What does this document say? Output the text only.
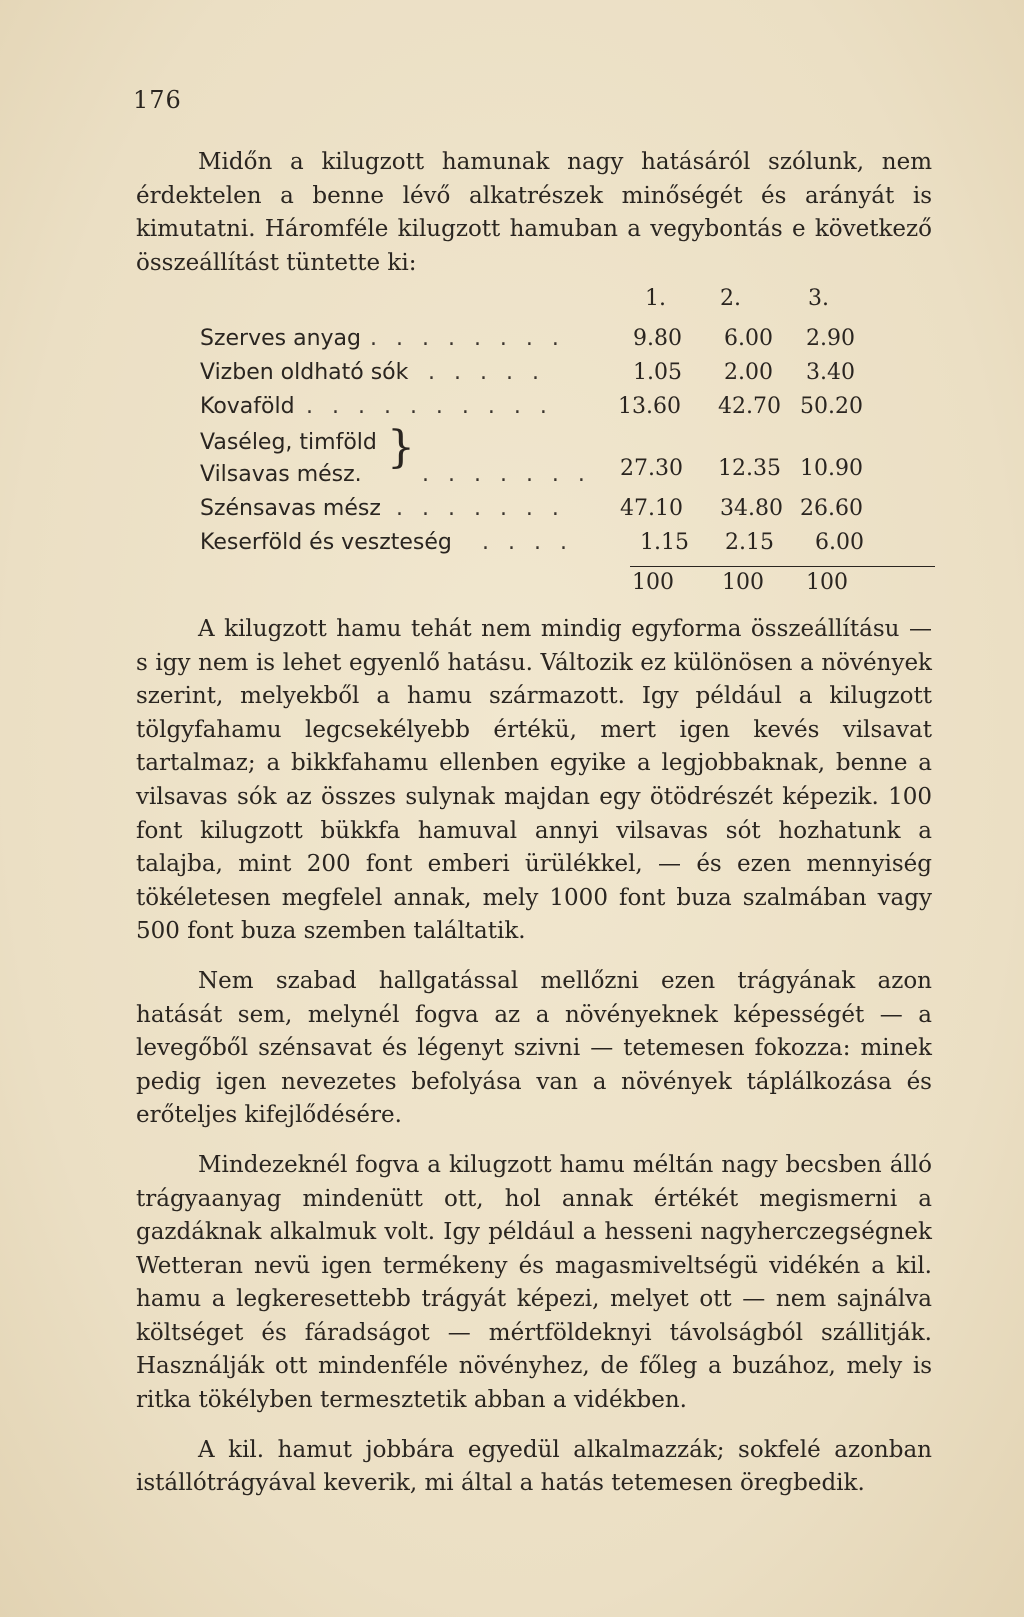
176

Midőn a kilugzott hamunak nagy hatásáról szólunk, nem érdektelen a benne lévő alkatrészek minőségét és arányát is kimutatni. Háromféle kilugzott hamuban a vegybontás e következő összeállítást tüntette ki:

1. 2.	3.
Szerves anyag . . . . . . . .	9.80 6.00 2.90
Vizben oldható sók . . . . .	1.05 2.00 3.40
Kovaföld . . . . . . . . . .	13.60 42.70 50.20
Vaséleg, timföld
Vilsavas mész.	. . . . . . . 27.30 12.35 10.90
}
Szénsavas mész . . . . . . .	47.10 34.80 26.60
Keserföld és veszteség . . . .	1.15 2.15 6.00
100 100 100

A kilugzott hamu tehát nem mindig egyforma összeállításu — s igy nem is lehet egyenlő hatásu. Változik ez különösen a növények szerint, melyekből a hamu származott. Igy például a kilugzott tölgyfahamu legcsekélyebb értékü, mert igen kevés vilsavat tartalmaz; a bikkfahamu ellenben egyike a legjobbaknak, benne a vilsavas sók az összes sulynak majdan egy ötödrészét képezik. 100 font kilugzott bükkfa hamuval annyi vilsavas sót hozhatunk a talajba, mint 200 font emberi ürülékkel, — és ezen mennyiség tökéletesen megfelel annak, mely 1000 font buza szalmában vagy 500 font buza szemben találtatik.

Nem szabad hallgatással mellőzni ezen trágyának azon hatását sem, melynél fogva az a növényeknek képességét — a levegőből szénsavat és légenyt szivni — tetemesen fokozza: minek pedig igen nevezetes befolyása van a növények táplálkozása és erőteljes kifejlődésére.

Mindezeknél fogva a kilugzott hamu méltán nagy becsben álló trágyaanyag mindenütt ott, hol annak értékét megismerni a gazdáknak alkalmuk volt. Igy például a hesseni nagyherczegségnek Wetteran nevü igen termékeny és magasmiveltségü vidékén a kil. hamu a legkeresettebb trágyát képezi, melyet ott — nem sajnálva költséget és fáradságot — mértföldeknyi távolságból szállitják. Használják ott mindenféle növényhez, de főleg a buzához, mely is ritka tökélyben termesztetik abban a vidékben.

A kil. hamut jobbára egyedül alkalmazzák; sokfelé azonban istállótrágyával keverik, mi által a hatás tetemesen öregbedik.
